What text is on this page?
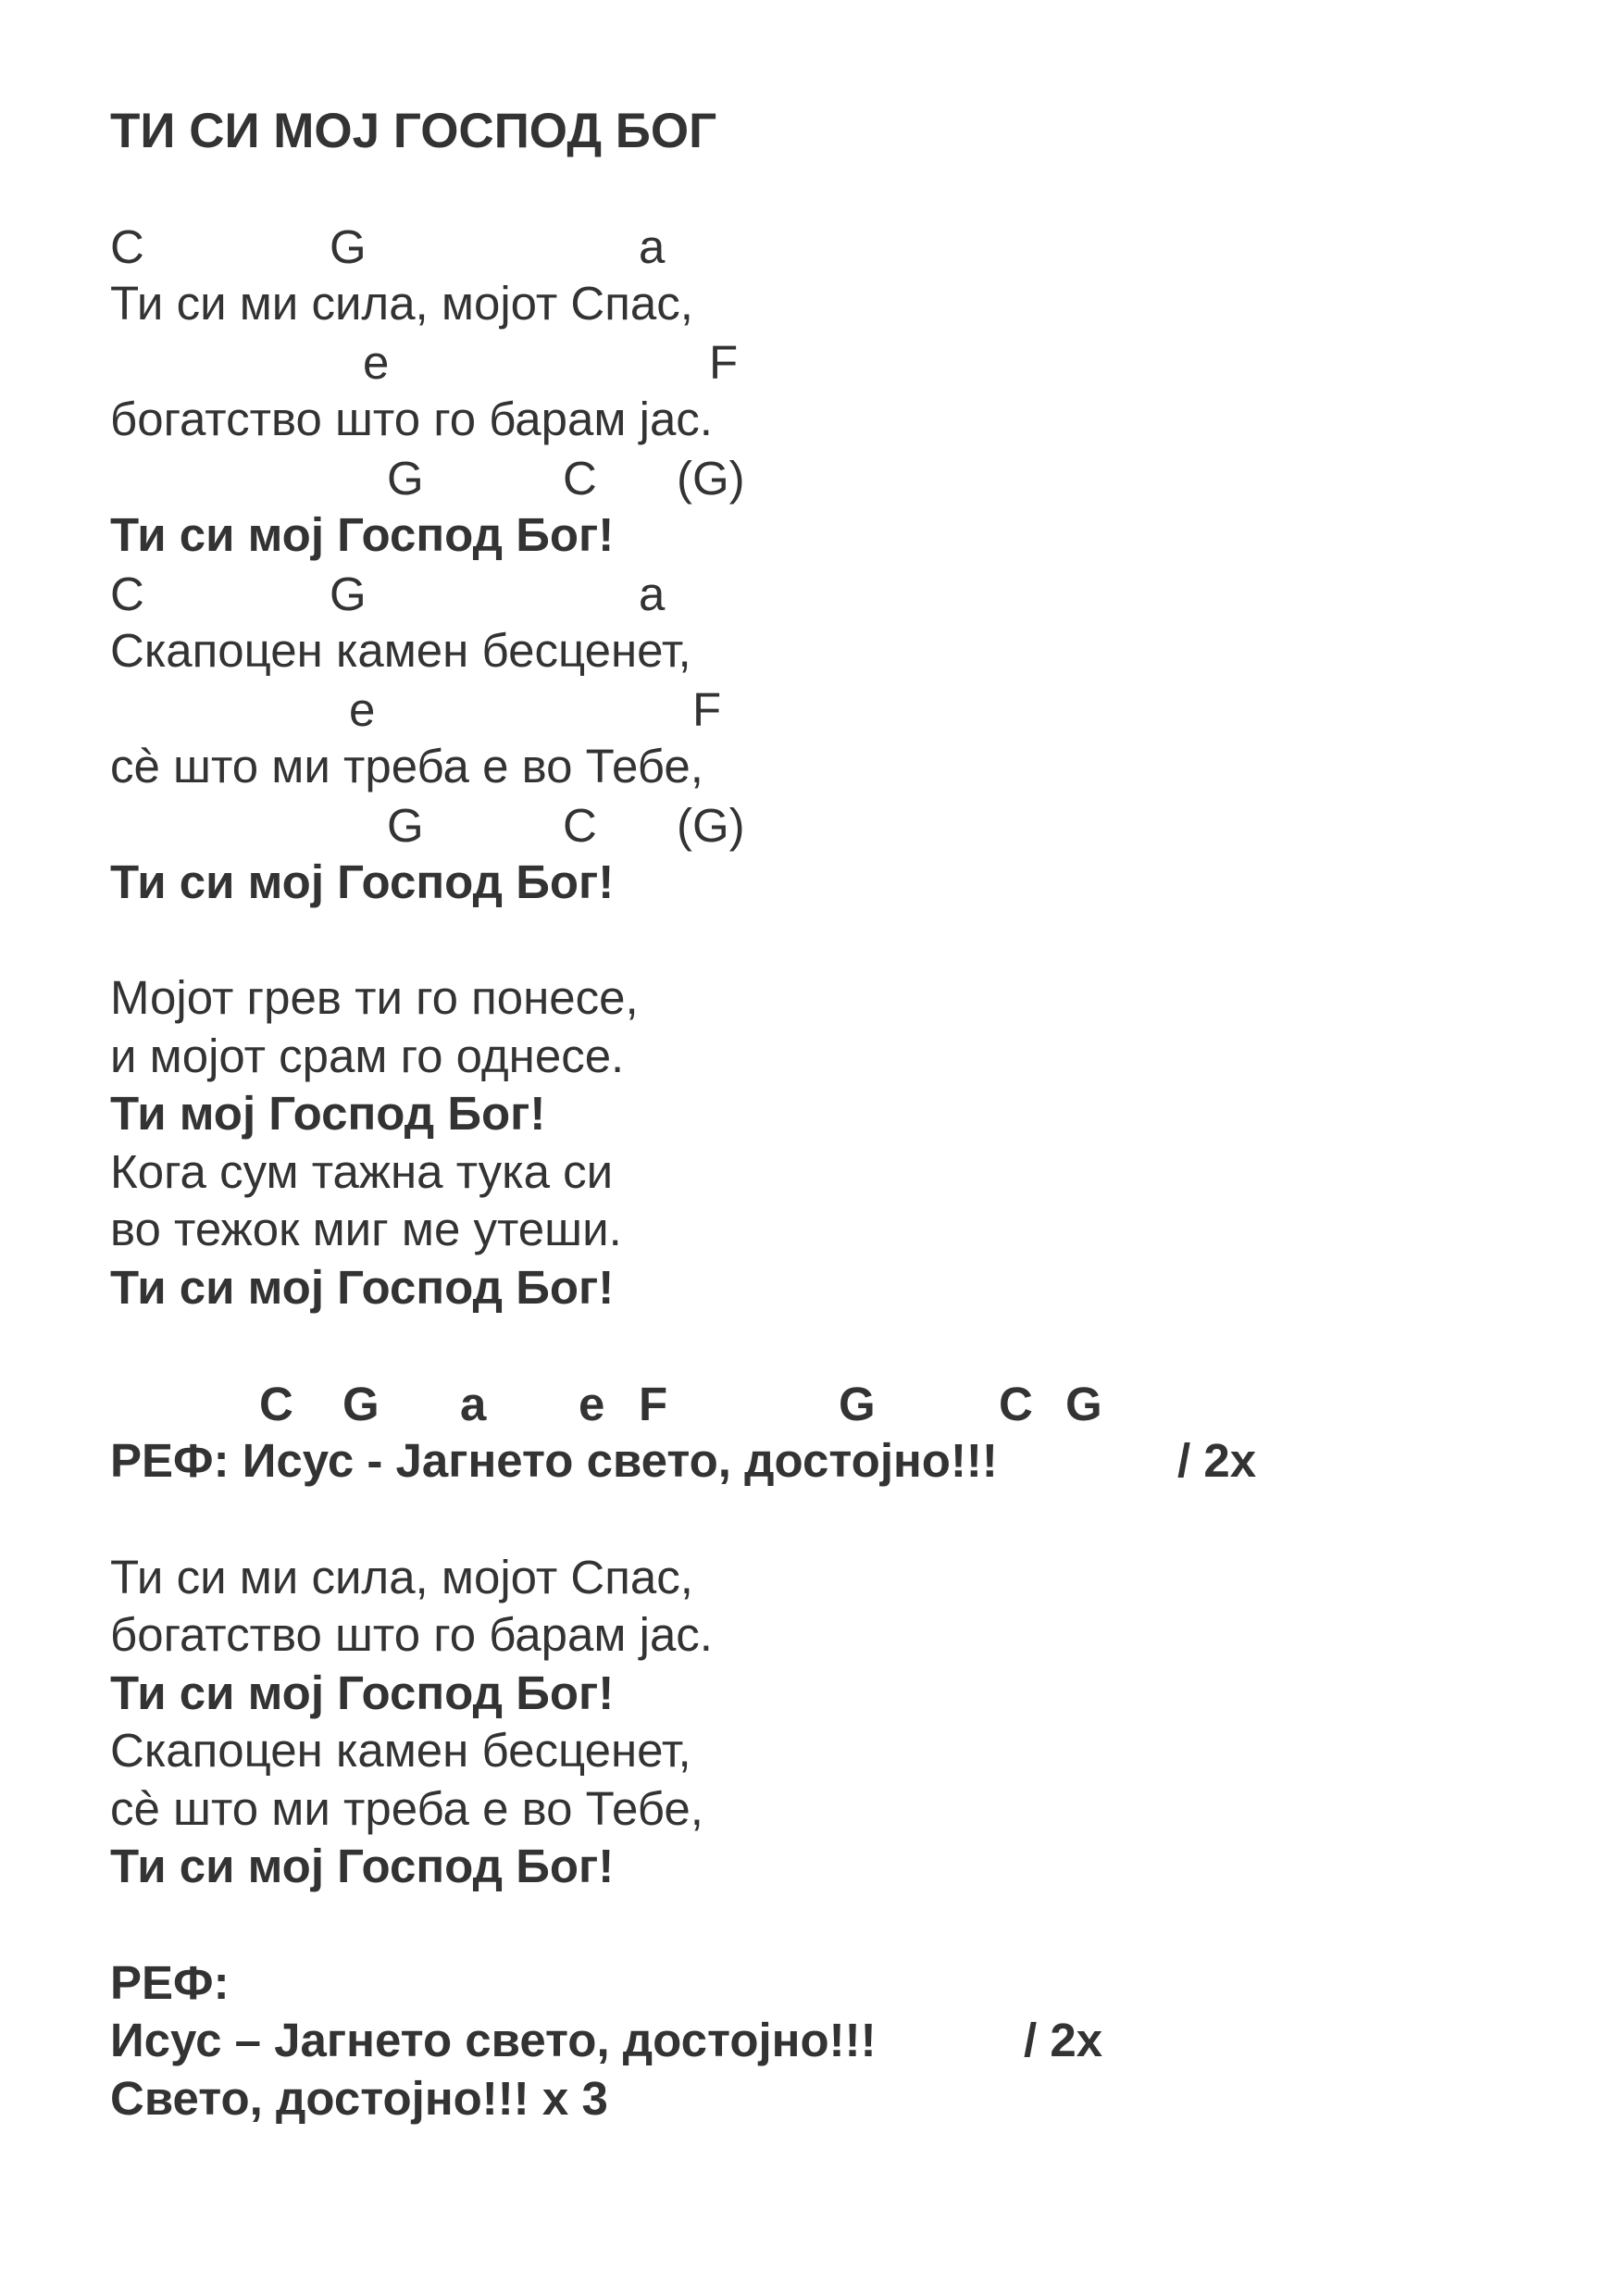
ТИ СИ МОЈ ГОСПОД БОГ
C	G	a
Ти си ми сила, мојот Спас,
e	F
богатство што го барам јас.
G	C (G)
Ти си мој Господ Бог!
C	G	a
Скапоцен камен бесценет,
e	F
сè што ми треба е во Тебе,
G	C (G)
Ти си мој Господ Бог!
Мојот грев ти го понесе,
и мојот срам го однесе.
Ти мој Господ Бог!
Кога сум тажна тука си
во тежок миг ме утеши.
Ти си мој Господ Бог!
C G a e F	G	C G
РЕФ: Исус - Јагнето свето, достојно!!!	/ 2x
Ти си ми сила, мојот Спас,
богатство што го барам јас.
Ти си мој Господ Бог!
Скапоцен камен бесценет,
сè што ми треба е во Тебе,
Ти си мој Господ Бог!
РЕФ:
Исус – Јагнето свето, достојно!!!	/ 2x
Свето, достојно!!! х 3
